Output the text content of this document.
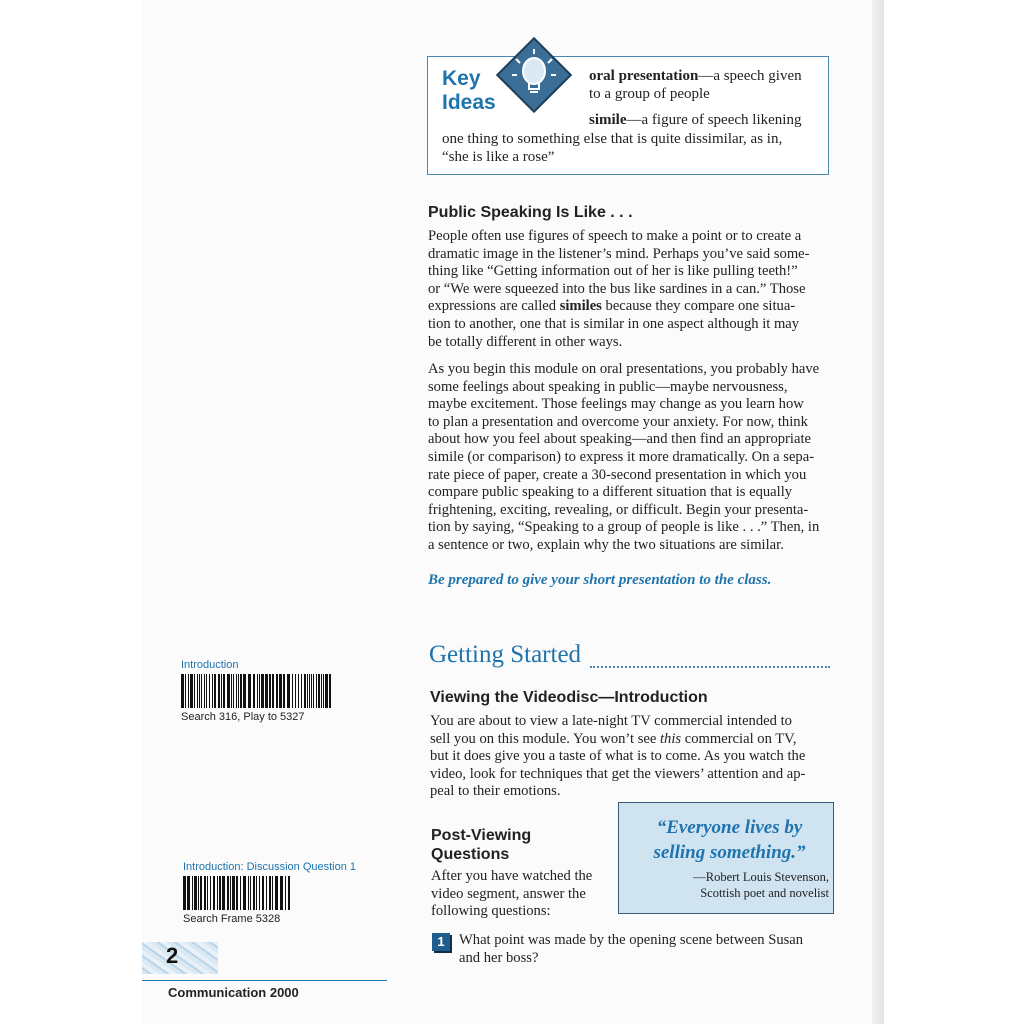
Key
Ideas
oral presentation—a speech given
to a group of people
simile—a figure of speech likening
one thing to something else that is quite dissimilar, as in,
“she is like a rose”
Public Speaking Is Like . . .
People often use figures of speech to make a point or to create a
dramatic image in the listener’s mind. Perhaps you’ve said some-
thing like “Getting information out of her is like pulling teeth!”
or “We were squeezed into the bus like sardines in a can.” Those
expressions are called similes because they compare one situa-
tion to another, one that is similar in one aspect although it may
be totally different in other ways.
As you begin this module on oral presentations, you probably have
some feelings about speaking in public—maybe nervousness,
maybe excitement. Those feelings may change as you learn how
to plan a presentation and overcome your anxiety. For now, think
about how you feel about speaking—and then find an appropriate
simile (or comparison) to express it more dramatically. On a sepa-
rate piece of paper, create a 30-second presentation in which you
compare public speaking to a different situation that is equally
frightening, exciting, revealing, or difficult. Begin your presenta-
tion by saying, “Speaking to a group of people is like . . .” Then, in
a sentence or two, explain why the two situations are similar.
Be prepared to give your short presentation to the class.
Getting Started
Viewing the Videodisc—Introduction
You are about to view a late-night TV commercial intended to
sell you on this module. You won’t see this commercial on TV,
but it does give you a taste of what is to come. As you watch the
video, look for techniques that get the viewers’ attention and ap-
peal to their emotions.
Post-Viewing
Questions
After you have watched the
video segment, answer the
following questions:
“Everyone lives by selling something.”
—Robert Louis Stevenson,
Scottish poet and novelist
1 What point was made by the opening scene between Susan
and her boss?
Introduction
Search 316, Play to 5327
Introduction: Discussion Question 1
Search Frame 5328
2
Communication 2000
